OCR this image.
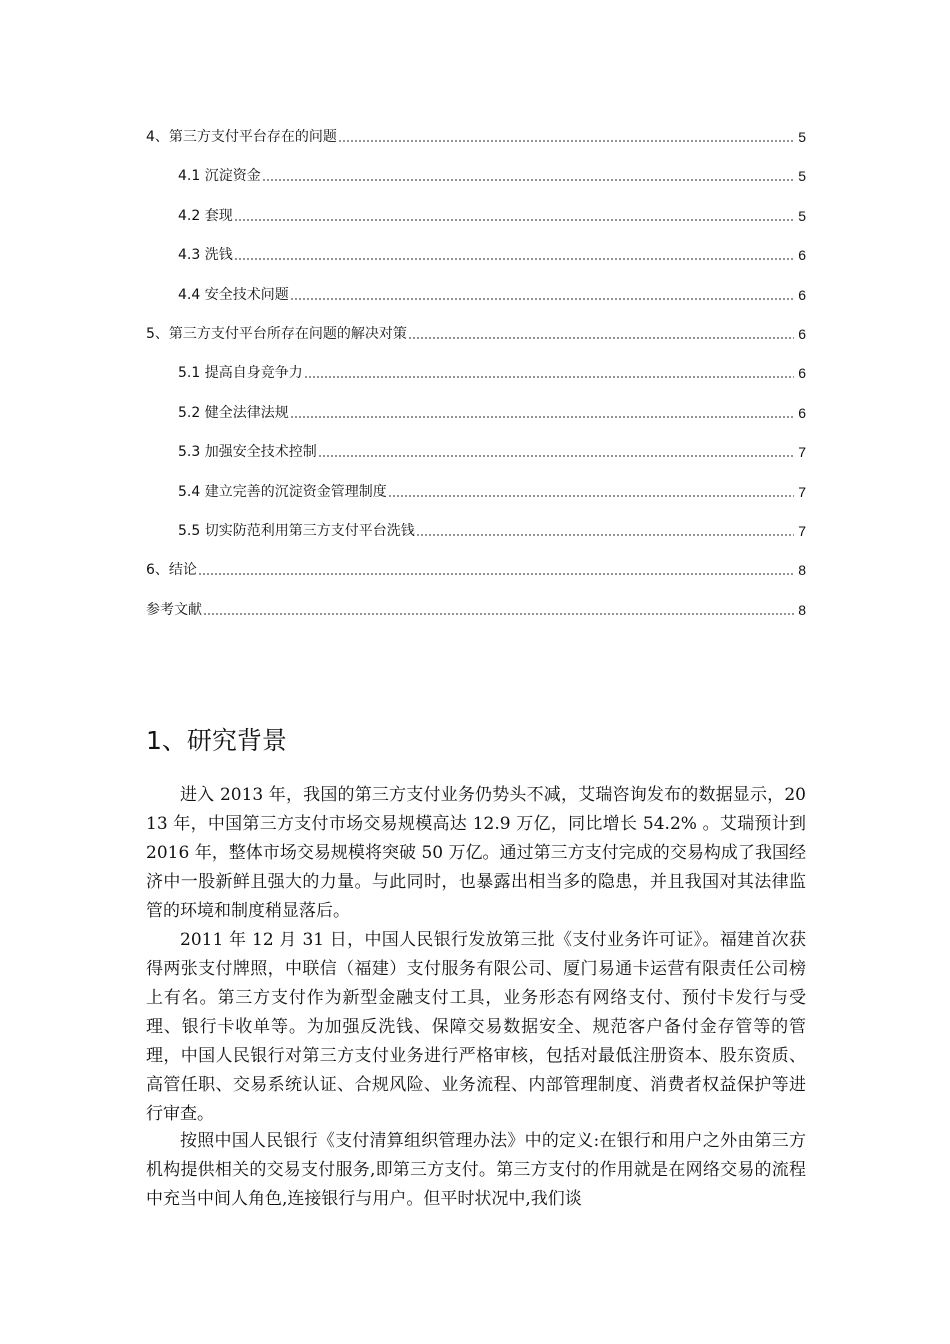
4、第三方支付平台存在的问题	5
4.1 沉淀资金	5
4.2 套现	5
4.3 洗钱	6
4.4 安全技术问题	6
5、第三方支付平台所存在问题的解决对策	6
5.1 提高自身竞争力	6
5.2 健全法律法规	6
5.3 加强安全技术控制	7
5.4 建立完善的沉淀资金管理制度	7
5.5 切实防范利用第三方支付平台洗钱	7
6、结论	8
参考文献	8
1、研究背景

进入 2013 年，我国的第三方支付业务仍势头不减，艾瑞咨询发布的数据显示，2013 年，中国第三方支付市场交易规模高达 12.9 万亿，同比增长 54.2% 。艾瑞预计到 2016 年，整体市场交易规模将突破 50 万亿。通过第三方支付完成的交易构成了我国经济中一股新鲜且强大的力量。与此同时，也暴露出相当多的隐患，并且我国对其法律监管的环境和制度稍显落后。

2011 年 12 月 31 日，中国人民银行发放第三批《支付业务许可证》。福建首次获得两张支付牌照，中联信（福建）支付服务有限公司、厦门易通卡运营有限责任公司榜上有名。第三方支付作为新型金融支付工具，业务形态有网络支付、预付卡发行与受理、银行卡收单等。为加强反洗钱、保障交易数据安全、规范客户备付金存管等的管理，中国人民银行对第三方支付业务进行严格审核，包括对最低注册资本、股东资质、高管任职、交易系统认证、合规风险、业务流程、内部管理制度、消费者权益保护等进行审查。

按照中国人民银行《支付清算组织管理办法》中的定义:在银行和用户之外由第三方机构提供相关的交易支付服务,即第三方支付。第三方支付的作用就是在网络交易的流程中充当中间人角色,连接银行与用户。但平时状况中,我们谈
